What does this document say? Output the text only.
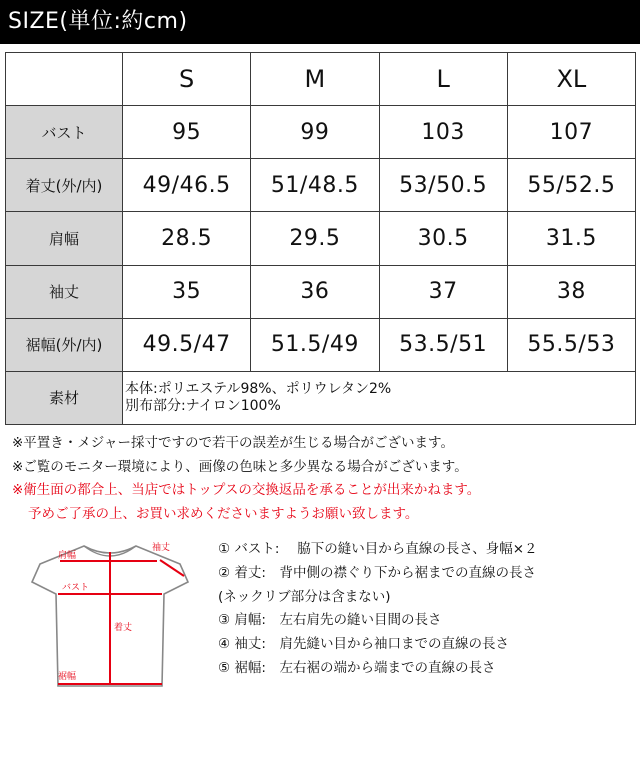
SIZE(単位:約cm)
	S	M	L	XL
バスト	95	99	103	107
着丈(外/内)	49/46.5	51/48.5	53/50.5	55/52.5
肩幅	28.5	29.5	30.5	31.5
袖丈	35	36	37	38
裾幅(外/内)	49.5/47	51.5/49	53.5/51	55.5/53
素材	本体:ポリエステル98%、ポリウレタン2%
別布部分:ナイロン100%			
※平置き・メジャー採寸ですので若干の誤差が生じる場合がございます。
※ご覧のモニター環境により、画像の色味と多少異なる場合がございます。
※衛生面の都合上、当店ではトップスの交換返品を承ることが出来かねます。
予めご了承の上、お買い求めくださいますようお願い致します。
肩幅
袖丈
バスト
着丈
裾幅
① バスト:　 脇下の縫い目から直線の長さ、身幅×２
② 着丈:　背中側の襟ぐり下から裾までの直線の長さ
(ネックリブ部分は含まない)
③ 肩幅:　左右肩先の縫い目間の長さ
④ 袖丈:　肩先縫い目から袖口までの直線の長さ
⑤ 裾幅:　左右裾の端から端までの直線の長さ
